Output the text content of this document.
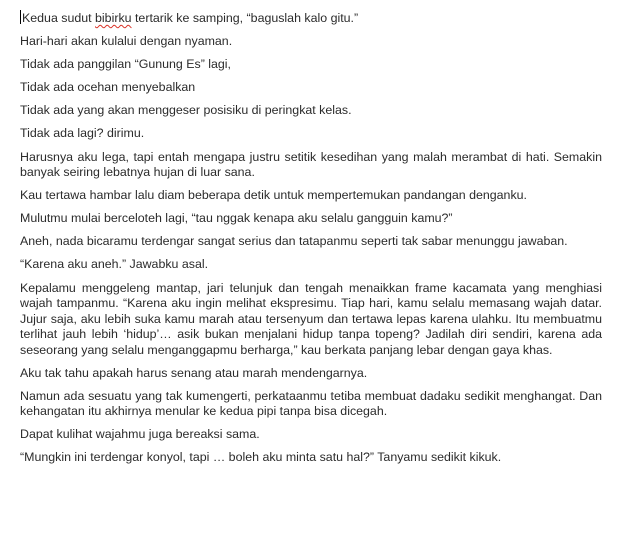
Kedua sudut bibirku tertarik ke samping, “baguslah kalo gitu.”

Hari-hari akan kulalui dengan nyaman.

Tidak ada panggilan “Gunung Es” lagi,

Tidak ada ocehan menyebalkan

Tidak ada yang akan menggeser posisiku di peringkat kelas.

Tidak ada lagi? dirimu.

Harusnya aku lega, tapi entah mengapa justru setitik kesedihan yang malah merambat di hati. Semakin banyak seiring lebatnya hujan di luar sana.

Kau tertawa hambar lalu diam beberapa detik untuk mempertemukan pandangan denganku.

Mulutmu mulai berceloteh lagi, “tau nggak kenapa aku selalu gangguin kamu?”

Aneh, nada bicaramu terdengar sangat serius dan tatapanmu seperti tak sabar menunggu jawaban.

“Karena aku aneh.” Jawabku asal.

Kepalamu menggeleng mantap, jari telunjuk dan tengah menaikkan frame kacamata yang menghiasi wajah tampanmu. “Karena aku ingin melihat ekspresimu. Tiap hari, kamu selalu memasang wajah datar. Jujur saja, aku lebih suka kamu marah atau tersenyum dan tertawa lepas karena ulahku. Itu membuatmu terlihat jauh lebih ‘hidup’… asik bukan menjalani hidup tanpa topeng? Jadilah diri sendiri, karena ada seseorang yang selalu menganggapmu berharga,” kau berkata panjang lebar dengan gaya khas.

Aku tak tahu apakah harus senang atau marah mendengarnya.

Namun ada sesuatu yang tak kumengerti, perkataanmu tetiba membuat dadaku sedikit menghangat. Dan kehangatan itu akhirnya menular ke kedua pipi tanpa bisa dicegah.

Dapat kulihat wajahmu juga bereaksi sama.

“Mungkin ini terdengar konyol, tapi … boleh aku minta satu hal?” Tanyamu sedikit kikuk.
